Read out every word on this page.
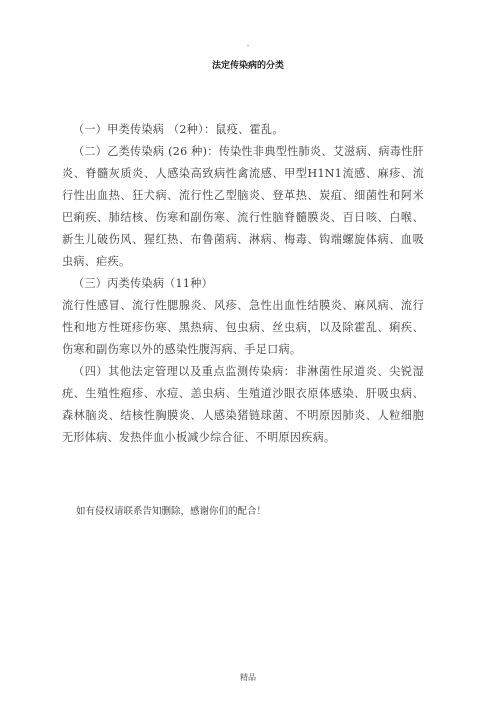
.
法定传染病的分类

（一）甲类传染病 （2种）：鼠疫、霍乱。

（二）乙类传染病 (26 种)：传染性非典型性肺炎、艾滋病、病毒性肝炎、脊髓灰质炎、人感染高致病性禽流感、甲型H1N1流感、麻疹、流行性出血热、狂犬病、流行性乙型脑炎、登革热、炭疽、细菌性和阿米巴痢疾、肺结核、伤寒和副伤寒、流行性脑脊髓膜炎、百日咳、白喉、新生儿破伤风、猩红热、布鲁菌病、淋病、梅毒、钩端螺旋体病、血吸虫病、疟疾。

（三）丙类传染病（11种）

流行性感冒、流行性腮腺炎、风疹、急性出血性结膜炎、麻风病、流行性和地方性斑疹伤寒、黑热病、包虫病、丝虫病，以及除霍乱、痢疾、伤寒和副伤寒以外的感染性腹泻病、手足口病。

（四）其他法定管理以及重点监测传染病：非淋菌性尿道炎、尖锐湿疣、生殖性疱疹、水痘、恙虫病、生殖道沙眼衣原体感染、肝吸虫病、森林脑炎、结核性胸膜炎、人感染猪链球菌、不明原因肺炎、人粒细胞无形体病、发热伴血小板减少综合征、不明原因疾病。

如有侵权请联系告知删除，感谢你们的配合！
精品
